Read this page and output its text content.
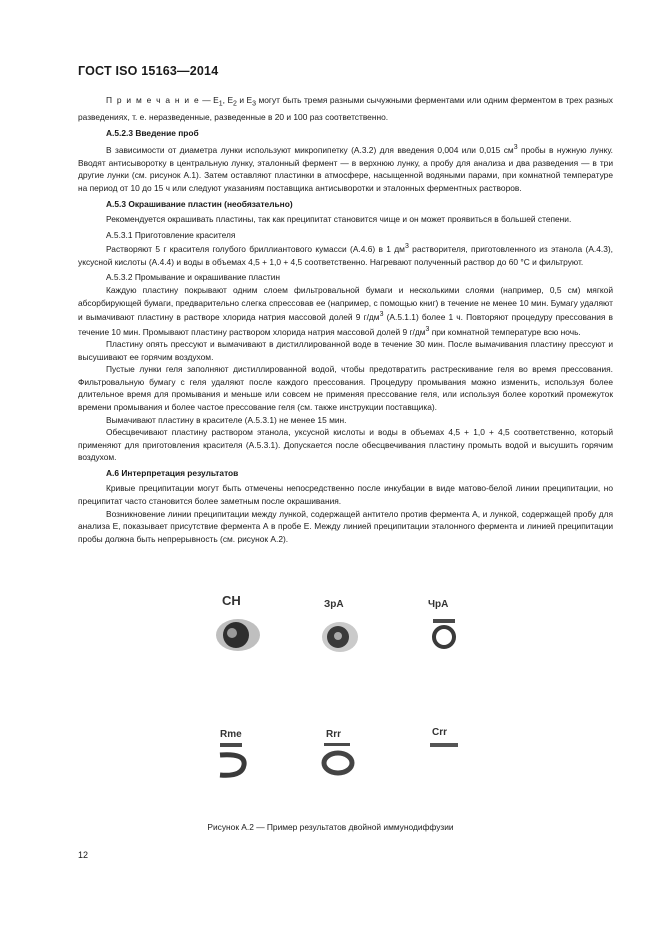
ГОСТ ISO 15163—2014

П р и м е ч а н и е — $Е_1$, $Е_2$ и $Е_3$ могут быть тремя разными сычужными ферментами или одним ферментом в трех разных разведениях, т. е. неразведенные, разведенные в 20 и 100 раз соответственно.

А.5.2.3 Введение проб

В зависимости от диаметра лунки используют микропипетку (А.3.2) для введения 0,004 или 0,015 $см^3$ пробы в нужную лунку. Вводят антисыворотку в центральную лунку, эталонный фермент — в верхнюю лунку, а пробу для анализа и два разведения — в три другие лунки (см. рисунок А.1). Затем оставляют пластинки в атмосфере, насыщенной водяными парами, при комнатной температуре на период от 10 до 15 ч или следуют указаниям поставщика антисыворотки и эталонных ферментных растворов.

А.5.3 Окрашивание пластин (необязательно)

Рекомендуется окрашивать пластины, так как преципитат становится чище и он может проявиться в большей степени.

А.5.3.1 Приготовление красителя

Растворяют 5 г красителя голубого бриллиантового кумасси (А.4.6) в 1 $дм^3$ растворителя, приготовленного из этанола (А.4.3), уксусной кислоты (А.4.4) и воды в объемах 4,5 + 1,0 + 4,5 соответственно. Нагревают полученный раствор до 60 °С и фильтруют.

А.5.3.2 Промывание и окрашивание пластин

Каждую пластину покрывают одним слоем фильтровальной бумаги и несколькими слоями (например, 0,5 см) мягкой абсорбирующей бумаги, предварительно слегка спрессовав ее (например, с помощью книг) в течение не менее 10 мин. Бумагу удаляют и вымачивают пластину в растворе хлорида натрия массовой долей 9 $г/дм^3$ (А.5.1.1) более 1 ч. Повторяют процедуру прессования в течение 10 мин. Промывают пластину раствором хлорида натрия массовой долей 9 $г/дм^3$ при комнатной температуре всю ночь.

Пластину опять прессуют и вымачивают в дистиллированной воде в течение 30 мин. После вымачивания пластину прессуют и высушивают ее горячим воздухом.

Пустые лунки геля заполняют дистиллированной водой, чтобы предотвратить растрескивание геля во время прессования. Фильтровальную бумагу с геля удаляют после каждого прессования. Процедуру промывания можно изменить, используя более длительное время для промывания и меньше или совсем не применяя прессование геля, или используя более короткий промежуток времени промывания и более частое прессование геля (см. также инструкции поставщика).

Вымачивают пластину в красителе (А.5.3.1) не менее 15 мин.

Обесцвечивают пластину раствором этанола, уксусной кислоты и воды в объемах 4,5 + 1,0 + 4,5 соответственно, который применяют для приготовления красителя (А.5.3.1). Допускается после обесцвечивания пластину промыть водой и высушить горячим воздухом.

А.6 Интерпретация результатов

Кривые преципитации могут быть отмечены непосредственно после инкубации в виде матово-белой линии преципитации, но преципитат часто становится более заметным после окрашивания.

Возникновение линии преципитации между лункой, содержащей антитело против фермента А, и лункой, содержащей пробу для анализа Е, показывает присутствие фермента А в пробе Е. Между линией преципитации эталонного фермента и линией преципитации пробы должна быть непрерывность (см. рисунок А.2).

СН	ЗрА	ЧрА
Rme	Rrr	Crr
Рисунок А.2 — Пример результатов двойной иммунодиффузии
12
